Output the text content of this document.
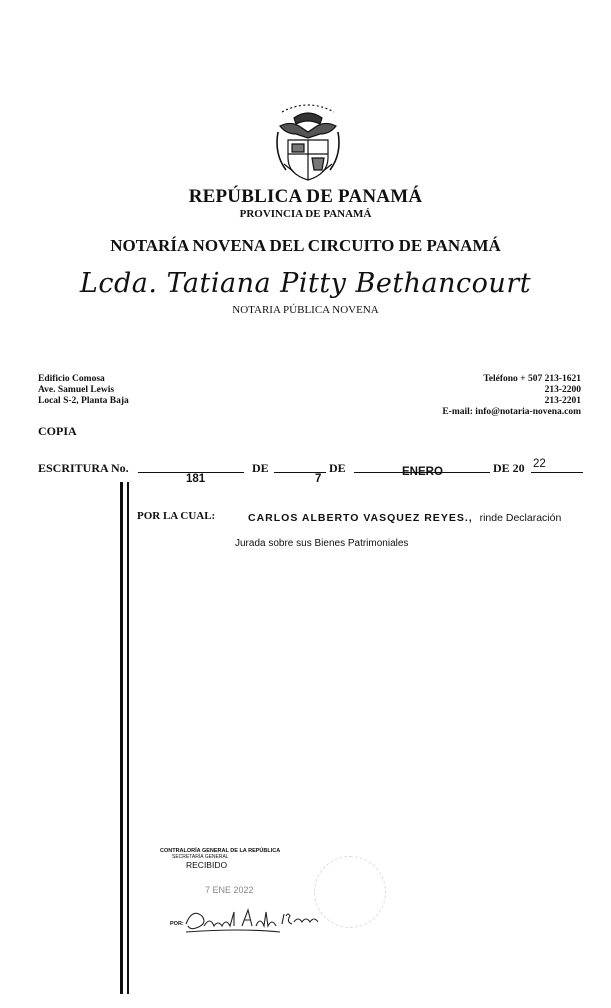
REPÚBLICA DE PANAMÁ
PROVINCIA DE PANAMÁ
NOTARÍA NOVENA DEL CIRCUITO DE PANAMÁ
Lcda. Tatiana Pitty Bethancourt
NOTARIA PÚBLICA NOVENA
Edificio Comosa
Ave. Samuel Lewis
Local S-2, Planta Baja
Teléfono + 507 213-1621
213-2200
213-2201
E-mail: info@notaria-novena.com
COPIA
ESCRITURA No.
181
DE
7
DE	ENERO	DE 20 22
POR LA CUAL:	CARLOS ALBERTO VASQUEZ REYES., rinde Declaración
Jurada sobre sus Bienes Patrimoniales
CONTRALORÍA GENERAL DE LA REPÚBLICA
SECRETARÍA GENERAL
RECIBIDO
7 ENE 2022
POR:
